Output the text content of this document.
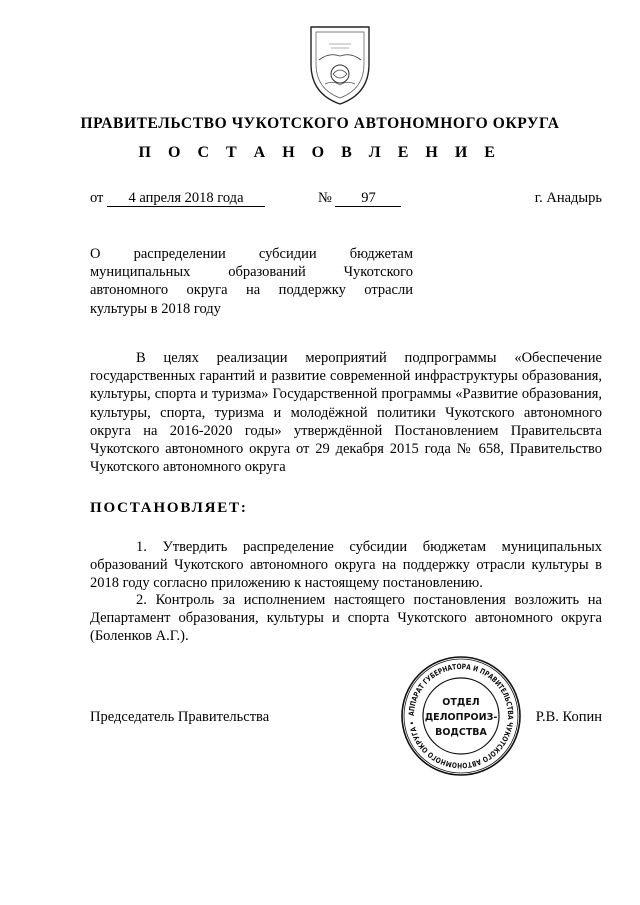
ПРАВИТЕЛЬСТВО ЧУКОТСКОГО АВТОНОМНОГО ОКРУГА
П О С Т А Н О В Л Е Н И Е
от 4 апреля 2018 года	№ 97	г. Анадырь
О распределении субсидии бюджетам муниципальных образований Чукотского автономного округа на поддержку отрасли культуры в 2018 году
В целях реализации мероприятий подпрограммы «Обеспечение государственных гарантий и развитие современной инфраструктуры образования, культуры, спорта и туризма» Государственной программы «Развитие образования, культуры, спорта, туризма и молодёжной политики Чукотского автономного округа на 2016-2020 годы» утверждённой Постановлением Правительсвта Чукотского автономного округа от 29 декабря 2015 года № 658, Правительство Чукотского автономного округа
ПОСТАНОВЛЯЕТ:
1. Утвердить распределение субсидии бюджетам муниципальных образований Чукотского автономного округа на поддержку отрасли культуры в 2018 году согласно приложению к настоящему постановлению.
2. Контроль за исполнением настоящего постановления возложить на Департамент образования, культуры и спорта Чукотского автономного округа (Боленков А.Г.).
Председатель Правительства	Р.В. Копин
АППАРАТ ГУБЕРНАТОРА И ПРАВИТЕЛЬСТВА ЧУКОТСКОГО АВТОНОМНОГО ОКРУГА •
ОТДЕЛ
ДЕЛОПРОИЗ-
ВОДСТВА
